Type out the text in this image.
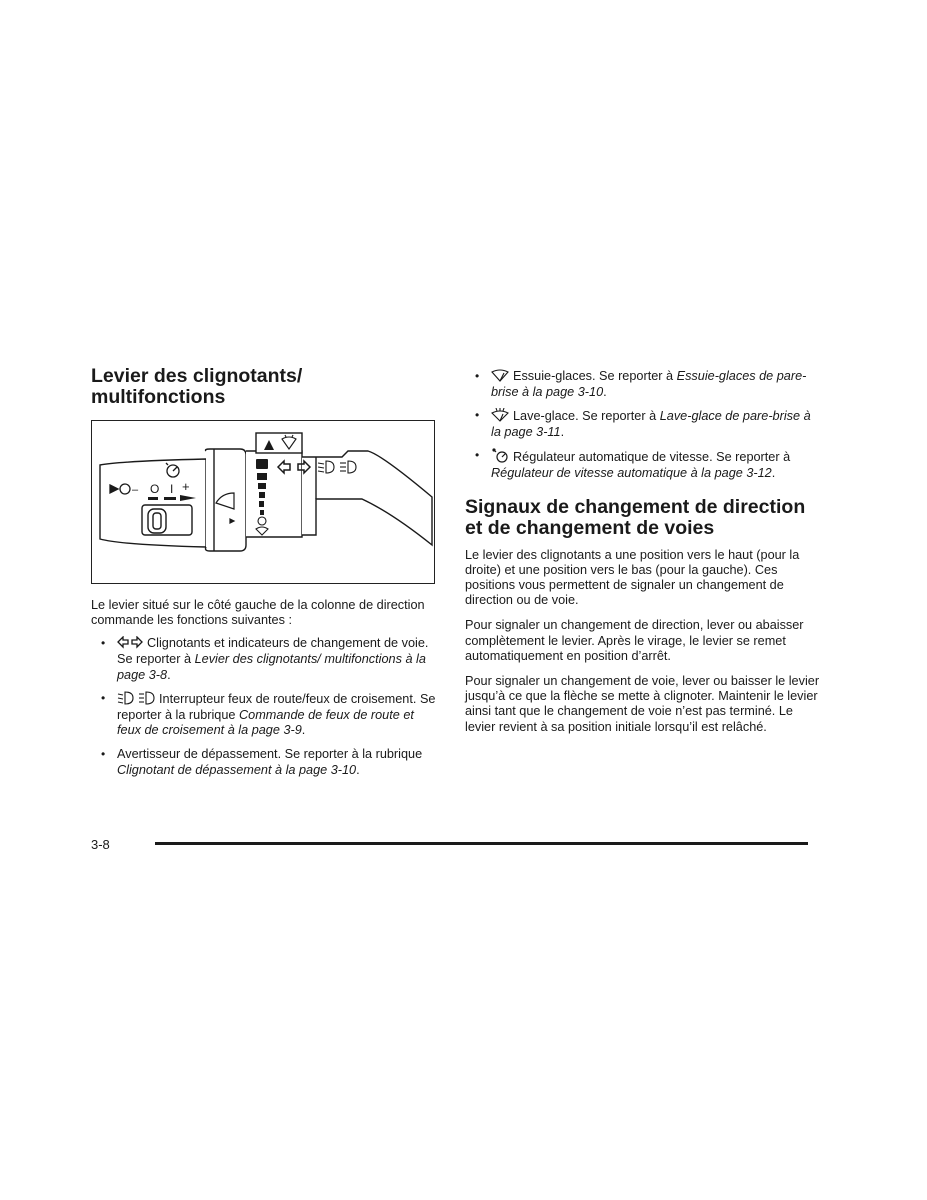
Levier des clignotants/
multifonctions
– O I +

Le levier situé sur le côté gauche de la colonne de direction commande les fonctions suivantes :

•	Clignotants et indicateurs de changement de voie. Se reporter à Levier des clignotants/ multifonctions à la page 3-8.
•	Interrupteur feux de route/feux de croisement. Se reporter à la rubrique Commande de feux de route et feux de croisement à la page 3-9.
• Avertisseur de dépassement. Se reporter à la rubrique Clignotant de dépassement à la page 3-10.
•	Essuie-glaces. Se reporter à Essuie-glaces de pare-brise à la page 3-10.
•	Lave-glace. Se reporter à Lave-glace de pare-brise à la page 3-11.
•	Régulateur automatique de vitesse. Se reporter à Régulateur de vitesse automatique à la page 3-12.
Signaux de changement de direction
et de changement de voies

Le levier des clignotants a une position vers le haut (pour la droite) et une position vers le bas (pour la gauche). Ces positions vous permettent de signaler un changement de direction ou de voie.

Pour signaler un changement de direction, lever ou abaisser complètement le levier. Après le virage, le levier se remet automatiquement en position d’arrêt.

Pour signaler un changement de voie, lever ou baisser le levier jusqu’à ce que la flèche se mette à clignoter. Maintenir le levier ainsi tant que le changement de voie n’est pas terminé. Le levier revient à sa position initiale lorsqu’il est relâché.

3-8
